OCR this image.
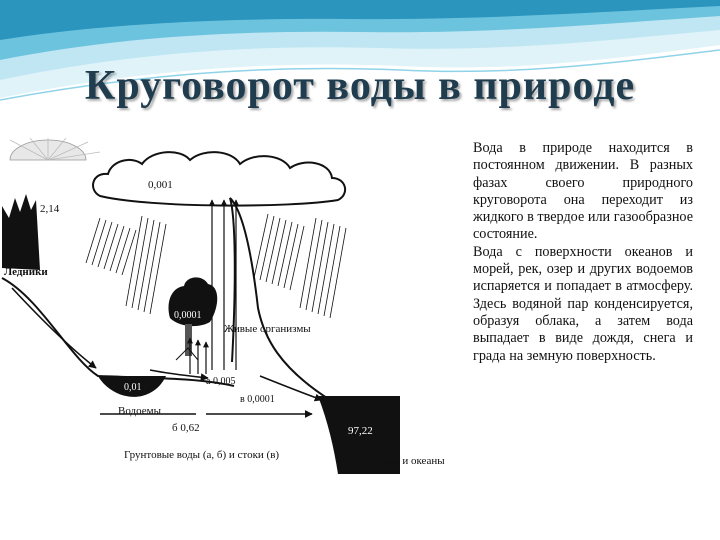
Круговорот воды в природе
0,001
2,14
Ледники
0,01
Водоемы
0,0001
Живые организмы
а 0,005
в 0,0001
б 0,62
Грунтовые воды (а, б) и стоки (в)
97,22
Моря и океаны

Вода в природе находится в постоянном движении. В разных фазах своего природного круговорота она переходит из жидкого в твердое или газообразное состояние.

Вода с поверхности океанов и морей, рек, озер и других водоемов испаряется и попадает в атмосферу. Здесь водяной пар конденсируется, образуя облака, а затем вода выпадает в виде дождя, снега и града на земную поверхность.
